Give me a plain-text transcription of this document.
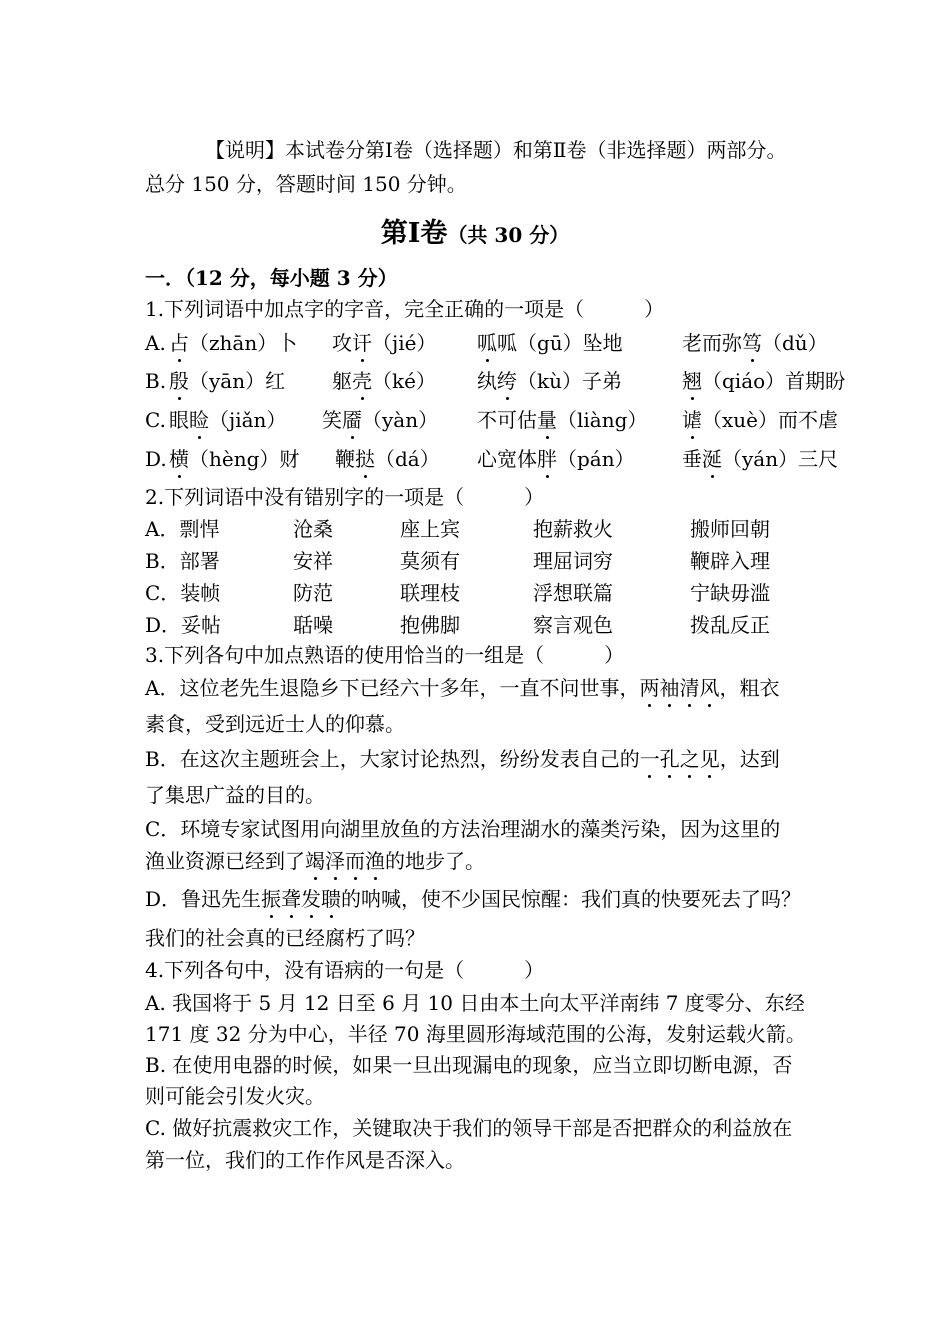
【说明】本试卷分第Ⅰ卷（选择题）和第Ⅱ卷（非选择题）两部分。
总分 150 分，答题时间 150 分钟。
第Ⅰ卷（共 30 分）
一．（12 分，每小题 3 分）
1.下列词语中加点字的字音，完全正确的一项是（　　　）
A. 占（zhān）卜 攻讦（jié） 呱呱（gū）坠地	老而弥笃（dǔ）
B. 殷（yān）红 躯壳（ké） 纨绔（kù）子弟	翘（qiáo）首期盼
C. 眼睑（jiǎn） 笑靥（yàn） 不可估量（liàng） 谑（xuè）而不虐
D. 横（hèng）财 鞭挞（dá） 心宽体胖（pán） 垂涎（yán）三尺
2.下列词语中没有错别字的一项是（　　　）
A．剽悍	沧桑	座上宾	抱薪救火	搬师回朝
B．部署	安祥	莫须有	理屈词穷	鞭辟入理
C．装帧	防范	联理枝	浮想联篇	宁缺毋滥
D．妥帖	聒噪	抱佛脚	察言观色	拨乱反正
3.下列各句中加点熟语的使用恰当的一组是（　　　）
A．这位老先生退隐乡下已经六十多年，一直不问世事，两袖清风，粗衣
素食，受到远近士人的仰慕。
B．在这次主题班会上，大家讨论热烈，纷纷发表自己的一孔之见，达到
了集思广益的目的。
C．环境专家试图用向湖里放鱼的方法治理湖水的藻类污染，因为这里的
渔业资源已经到了竭泽而渔的地步了。
D．鲁迅先生振聋发聩的呐喊，使不少国民惊醒：我们真的快要死去了吗？
我们的社会真的已经腐朽了吗？
4.下列各句中，没有语病的一句是（　　　）
A. 我国将于 5 月 12 日至 6 月 10 日由本土向太平洋南纬 7 度零分、东经
171 度 32 分为中心，半径 70 海里圆形海域范围的公海，发射运载火箭。
B. 在使用电器的时候，如果一旦出现漏电的现象，应当立即切断电源，否
则可能会引发火灾。
C. 做好抗震救灾工作，关键取决于我们的领导干部是否把群众的利益放在
第一位，我们的工作作风是否深入。
